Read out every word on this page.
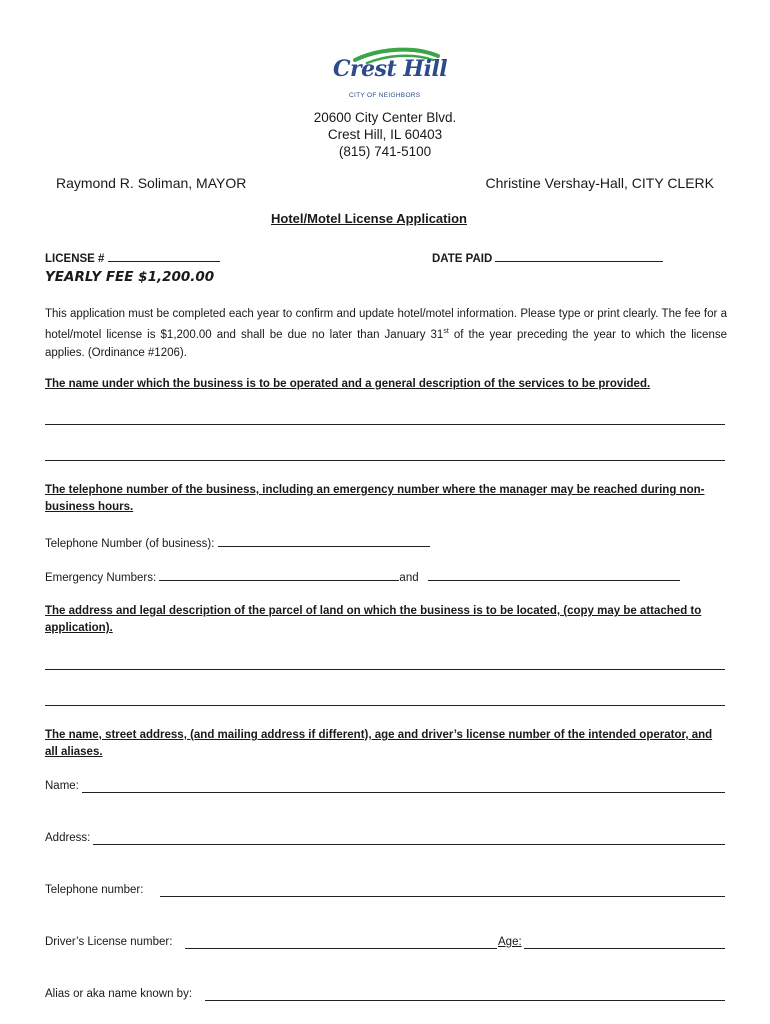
Crest Hill
CITY OF NEIGHBORS
20600 City Center Blvd.
Crest Hill, IL 60403
(815) 741-5100
Raymond R. Soliman, MAYOR	Christine Vershay-Hall, CITY CLERK
Hotel/Motel License Application
LICENSE #	DATE PAID
YEARLY FEE $1,200.00
This application must be completed each year to confirm and update hotel/motel information. Please type or print clearly. The fee for a hotel/motel license is $1,200.00 and shall be due no later than January 31st of the year preceding the year to which the license applies. (Ordinance #1206).
The name under which the business is to be operated and a general description of the services to be provided.
The telephone number of the business, including an emergency number where the manager may be reached during non-business hours.
Telephone Number (of business):
Emergency Numbers:	and
The address and legal description of the parcel of land on which the business is to be located, (copy may be attached to application).
The name, street address, (and mailing address if different), age and driver’s license number of the intended operator, and all aliases.
Name:
Address:
Telephone number:
Driver’s License number:	Age:
Alias or aka name known by:
